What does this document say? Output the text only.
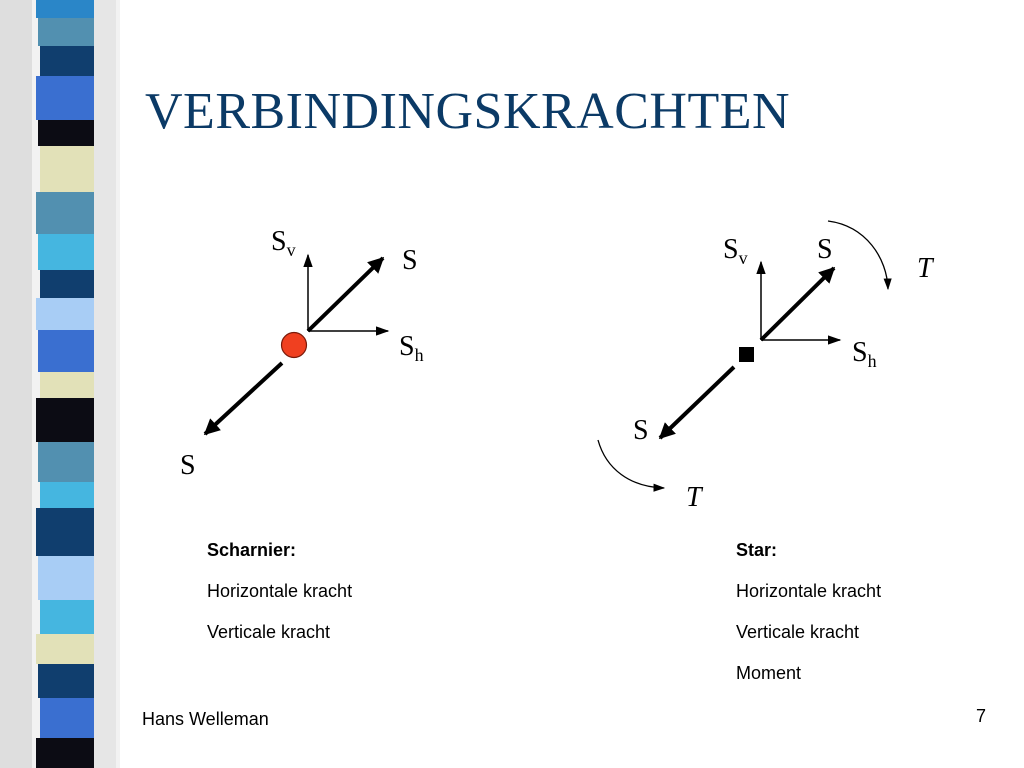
VERBINDINGSKRACHTEN
$S_v$	S
$S_h$
S
$S_v$ S
$S_h$
S
T
T
Scharnier:
Horizontale kracht
Verticale kracht
Star:
Horizontale kracht
Verticale kracht
Moment
Hans Welleman	7
